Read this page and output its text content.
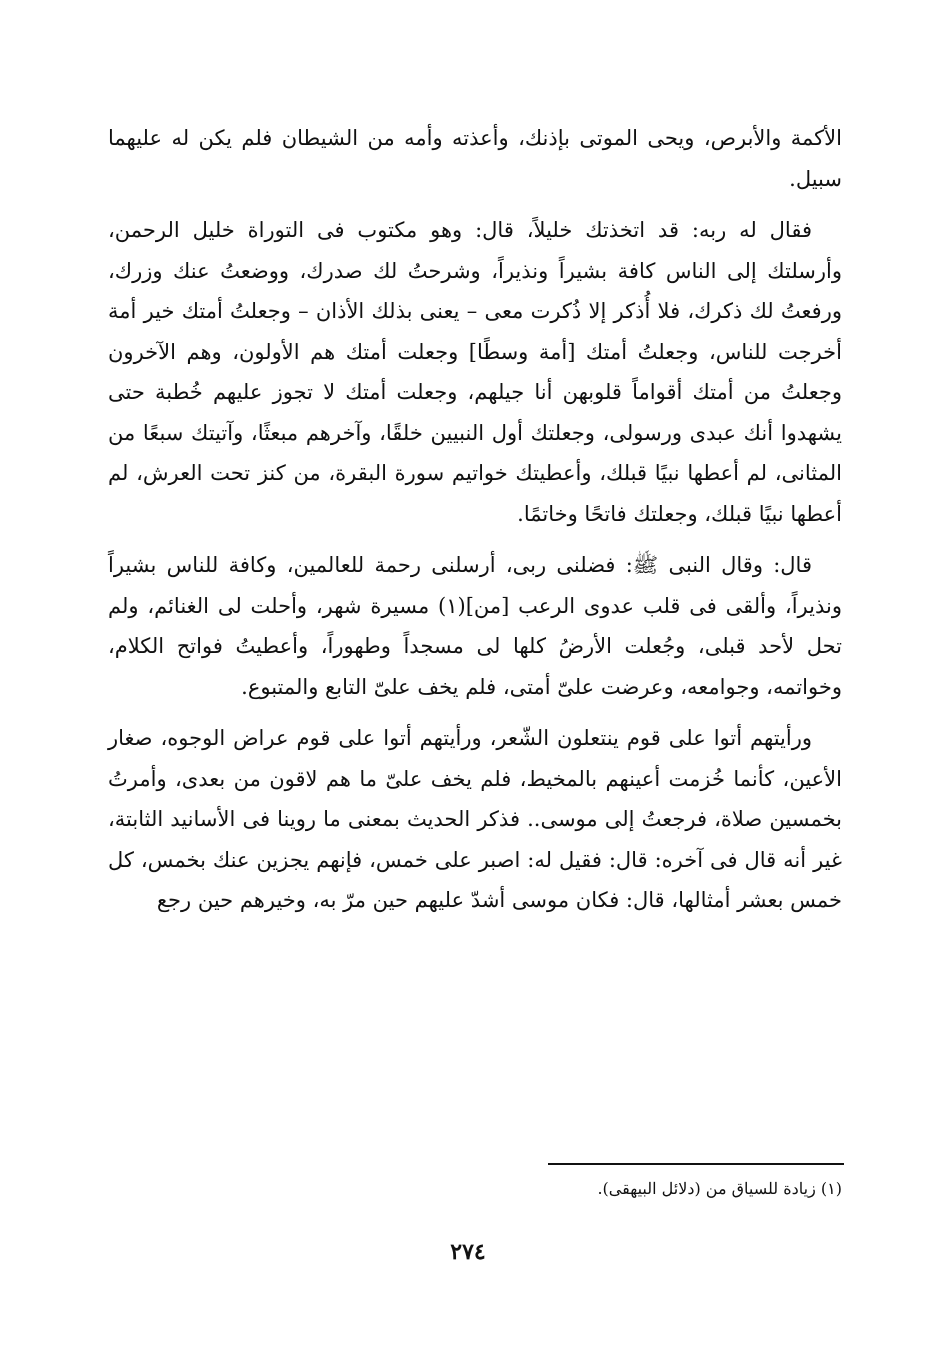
الأكمة والأبرص، ويحى الموتى بإذنك، وأعذته وأمه من الشيطان فلم يكن له عليهما سبيل.

فقال له ربه: قد اتخذتك خليلاً، قال: وهو مكتوب فى التوراة خليل الرحمن، وأرسلتك إلى الناس كافة بشيراً ونذيراً، وشرحتُ لك صدرك، ووضعتُ عنك وزرك، ورفعتُ لك ذكرك، فلا أُذكر إلا ذُكرت معى – يعنى بذلك الأذان – وجعلتُ أمتك خير أمة أخرجت للناس، وجعلتُ أمتك [أمة وسطًا] وجعلت أمتك هم الأولون، وهم الآخرون وجعلتُ من أمتك أقواماً قلوبهن أنا جيلهم، وجعلت أمتك لا تجوز عليهم خُطبة حتى يشهدوا أنك عبدى ورسولى، وجعلتك أول النبيين خلقًا، وآخرهم مبعثًا، وآتيتك سبعًا من المثانى، لم أعطها نبيًا قبلك، وأعطيتك خواتيم سورة البقرة، من كنز تحت العرش، لم أعطها نبيًا قبلك، وجعلتك فاتحًا وخاتمًا.

قال: وقال النبى ﷺ: فضلنى ربى، أرسلنى رحمة للعالمين، وكافة للناس بشيراً ونذيراً، وألقى فى قلب عدوى الرعب [من](١) مسيرة شهر، وأحلت لى الغنائم، ولم تحل لأحد قبلى، وجُعلت الأرضُ كلها لى مسجداً وطهوراً، وأعطيتُ فواتح الكلام، وخواتمه، وجوامعه، وعرضت علىّ أمتى، فلم يخف علىّ التابع والمتبوع.

ورأيتهم أتوا على قوم ينتعلون الشّعر، ورأيتهم أتوا على قوم عراض الوجوه، صغار الأعين، كأنما خُزمت أعينهم بالمخيط، فلم يخف علىّ ما هم لاقون من بعدى، وأمرتُ بخمسين صلاة، فرجعتُ إلى موسى.. فذكر الحديث بمعنى ما روينا فى الأسانيد الثابتة، غير أنه قال فى آخره: قال: فقيل له: اصبر على خمس، فإنهم يجزين عنك بخمس، كل خمس بعشر أمثالها، قال: فكان موسى أشدّ عليهم حين مرّ به، وخيرهم حين رجع

(١) زيادة للسياق من (دلائل البيهقى).
٢٧٤
